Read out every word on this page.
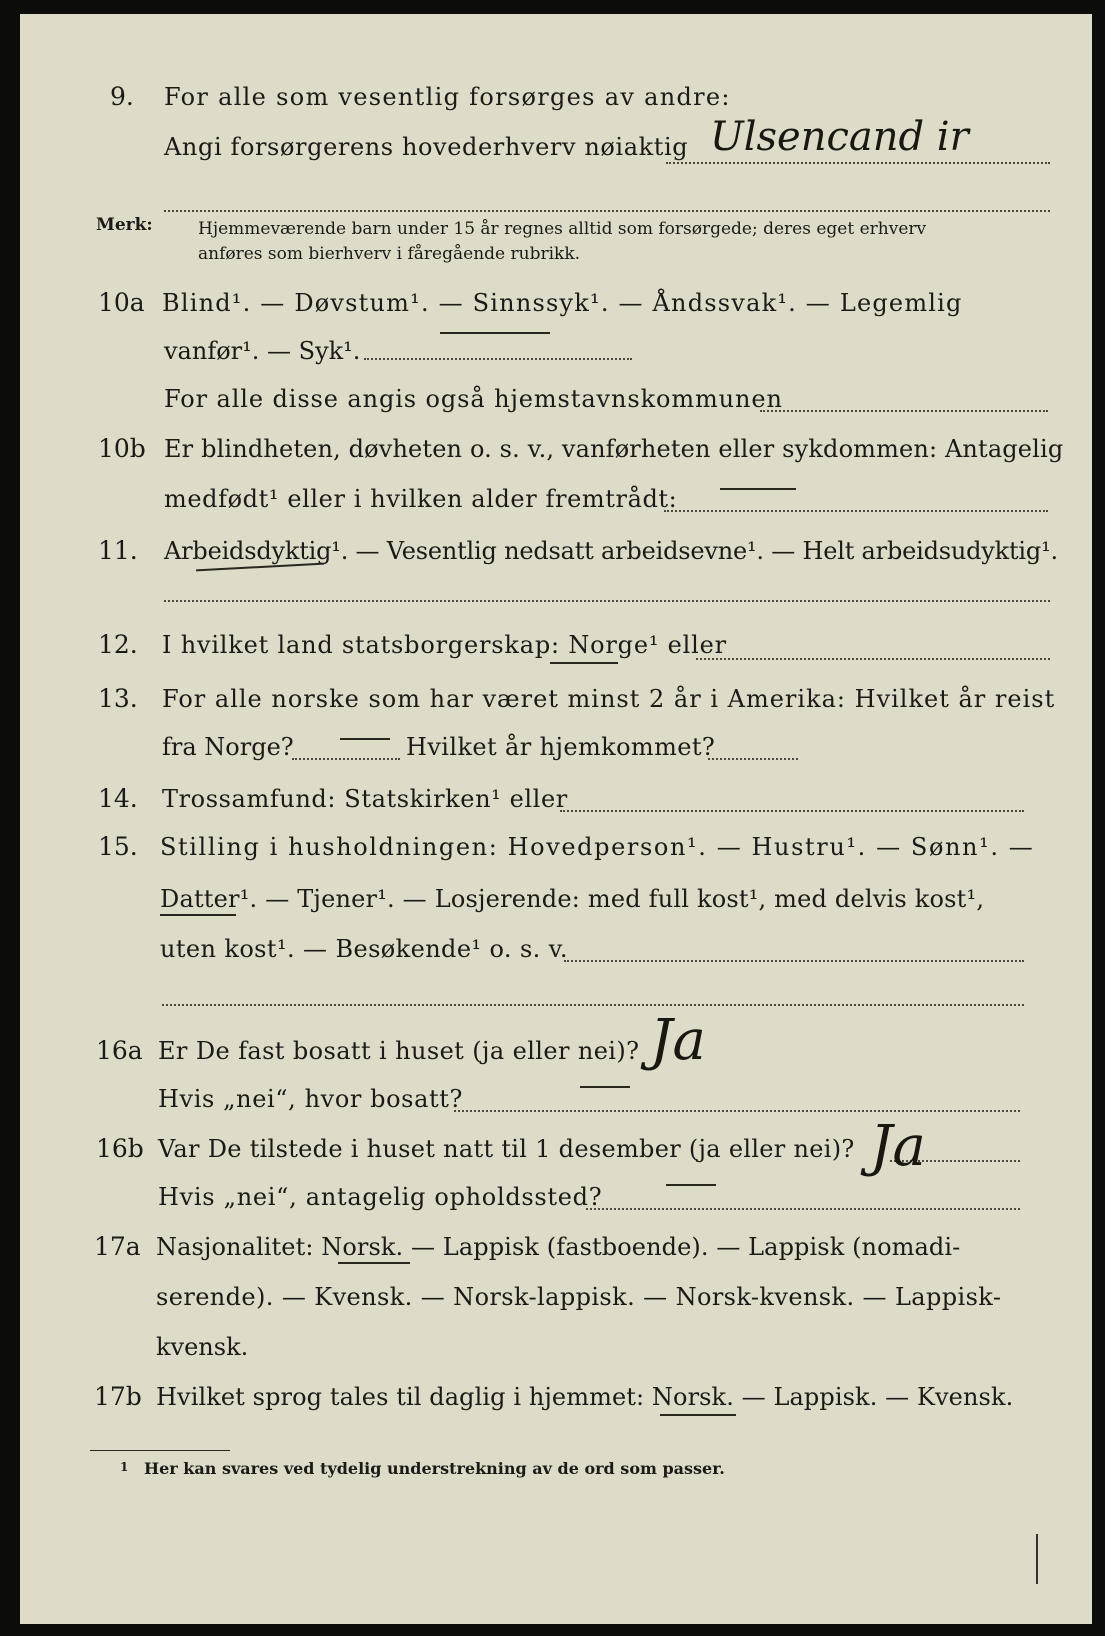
9. For alle som vesentlig forsørges av andre:
Angi forsørgerens hovederhverv nøiaktig Ulsencand ir
Merk:	Hjemmeværende barn under 15 år regnes alltid som forsørgede; deres eget erhverv
anføres som bierhverv i fåregående rubrikk.
10a Blind¹. — Døvstum¹. — Sinnssyk¹. — Åndssvak¹. — Legemlig
vanfør¹. — Syk¹.
For alle disse angis også hjemstavnskommunen
10b Er blindheten, døvheten o. s. v., vanførheten eller sykdommen: Antagelig
medfødt¹ eller i hvilken alder fremtrådt:
11. Arbeidsdyktig¹. — Vesentlig nedsatt arbeidsevne¹. — Helt arbeidsudyktig¹.
12. I hvilket land statsborgerskap: Norge¹ eller
13. For alle norske som har været minst 2 år i Amerika: Hvilket år reist
fra Norge?	Hvilket år hjemkommet?
14. Trossamfund: Statskirken¹ eller
15. Stilling i husholdningen: Hovedperson¹. — Hustru¹. — Sønn¹. —
Datter¹. — Tjener¹. — Losjerende: med full kost¹, med delvis kost¹,
uten kost¹. — Besøkende¹ o. s. v.
16a Er De fast bosatt i huset (ja eller nei)? Ja
Hvis „nei“, hvor bosatt?
16b Var De tilstede i huset natt til 1 desember (ja eller nei)? Ja
Hvis „nei“, antagelig opholdssted?
17a Nasjonalitet: Norsk. — Lappisk (fastboende). — Lappisk (nomadi-
serende). — Kvensk. — Norsk-lappisk. — Norsk-kvensk. — Lappisk-
kvensk.
17b Hvilket sprog tales til daglig i hjemmet: Norsk. — Lappisk. — Kvensk.
1 Her kan svares ved tydelig understrekning av de ord som passer.
